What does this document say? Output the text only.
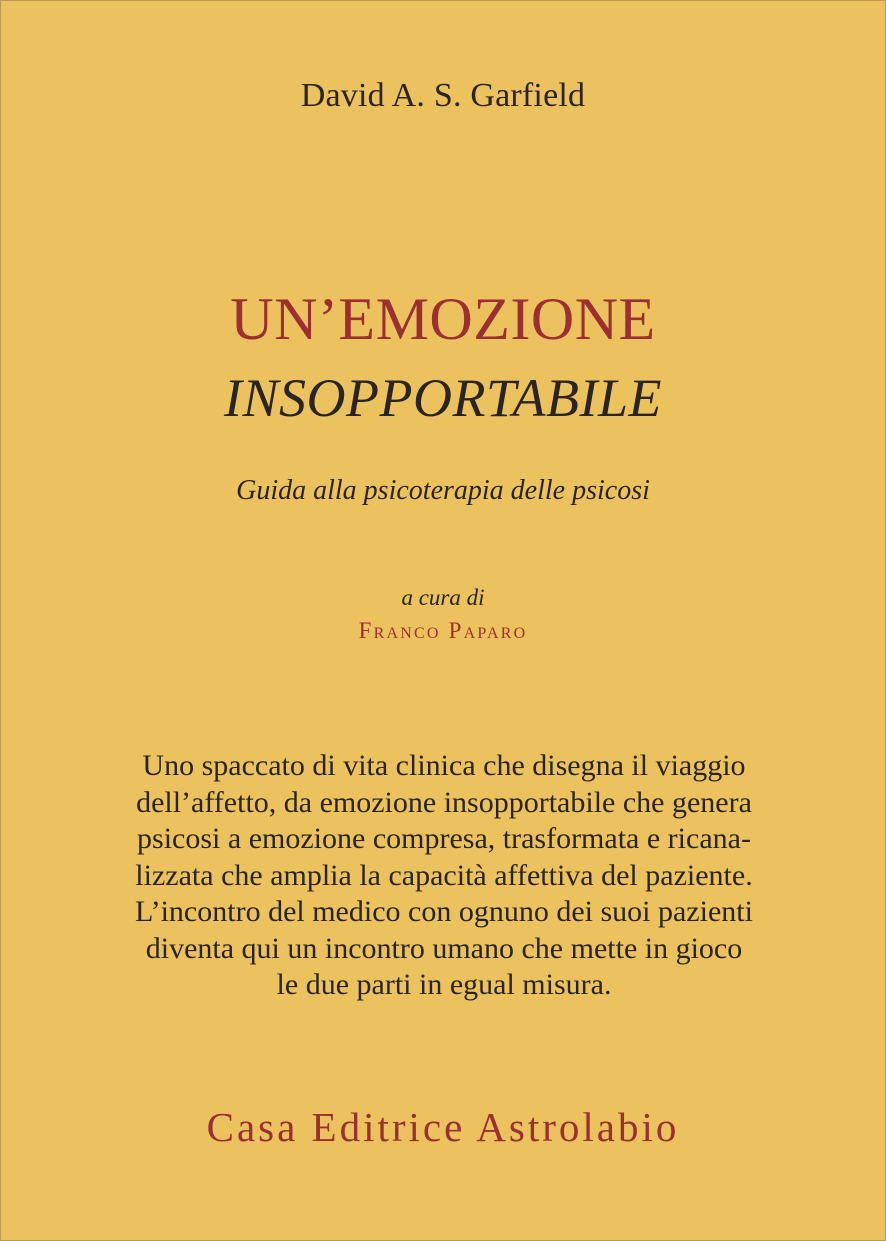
David A. S. Garfield
UN’EMOZIONE
INSOPPORTABILE
Guida alla psicoterapia delle psicosi
a cura di
Franco Paparo

Uno spaccato di vita clinica che disegna il viaggio
dell’affetto, da emozione insopportabile che genera
psicosi a emozione compresa, trasformata e ricana-
lizzata che amplia la capacità affettiva del paziente.
L’incontro del medico con ognuno dei suoi pazienti
diventa qui un incontro umano che mette in gioco
le due parti in egual misura.

Casa Editrice Astrolabio
